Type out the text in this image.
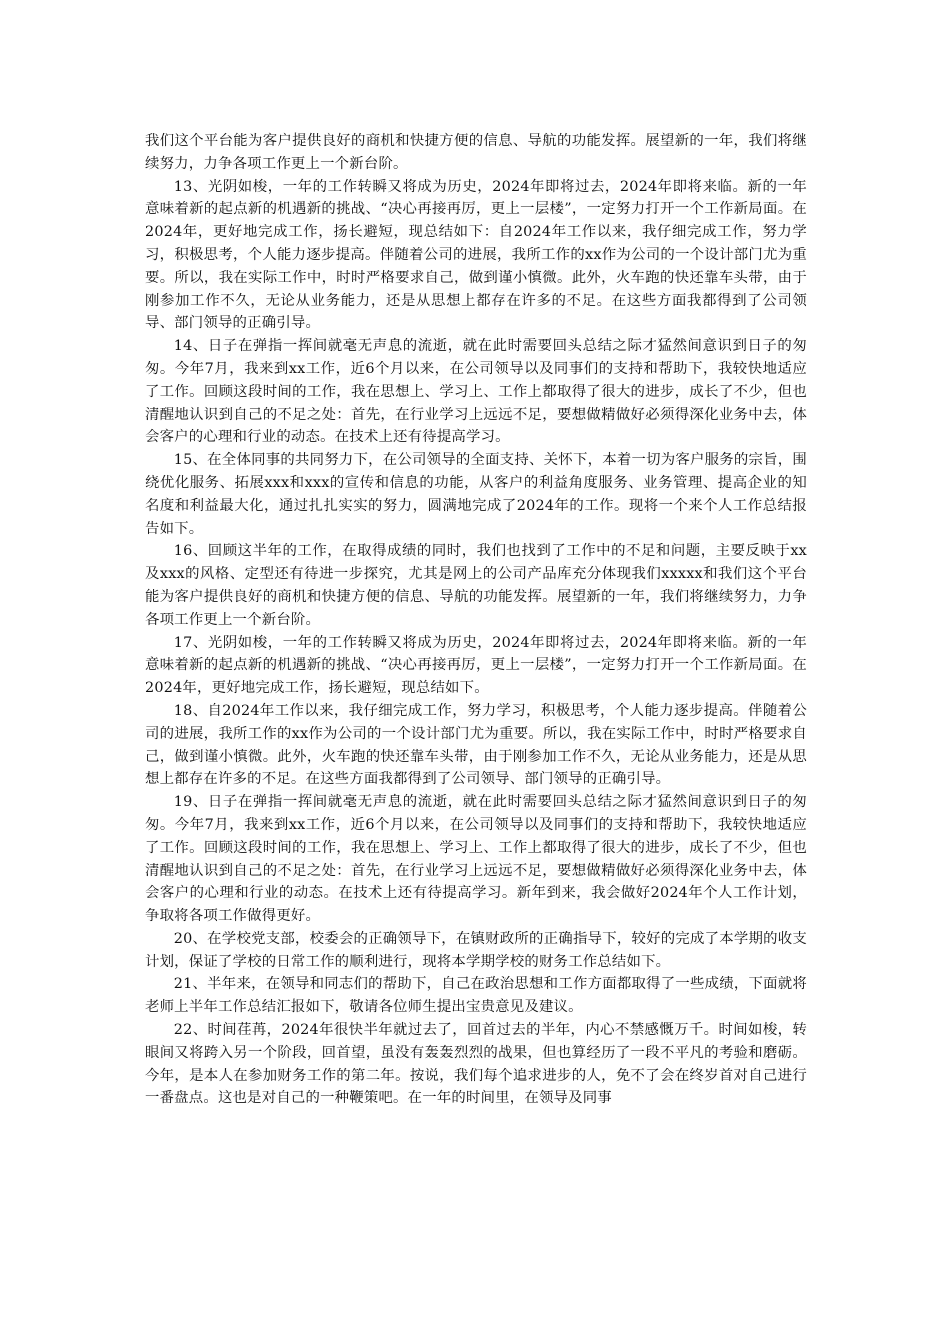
我们这个平台能为客户提供良好的商机和快捷方便的信息、导航的功能发挥。展望新的一年，我们将继续努力，力争各项工作更上一个新台阶。

13、光阴如梭，一年的工作转瞬又将成为历史，2024年即将过去，2024年即将来临。新的一年意味着新的起点新的机遇新的挑战、“决心再接再厉，更上一层楼”，一定努力打开一个工作新局面。在2024年，更好地完成工作，扬长避短，现总结如下：自2024年工作以来，我仔细完成工作，努力学习，积极思考，个人能力逐步提高。伴随着公司的进展，我所工作的xx作为公司的一个设计部门尤为重要。所以，我在实际工作中，时时严格要求自己，做到谨小慎微。此外，火车跑的快还靠车头带，由于刚参加工作不久，无论从业务能力，还是从思想上都存在许多的不足。在这些方面我都得到了公司领导、部门领导的正确引导。

14、日子在弹指一挥间就毫无声息的流逝，就在此时需要回头总结之际才猛然间意识到日子的匆匆。今年7月，我来到xx工作，近6个月以来，在公司领导以及同事们的支持和帮助下，我较快地适应了工作。回顾这段时间的工作，我在思想上、学习上、工作上都取得了很大的进步，成长了不少，但也清醒地认识到自己的不足之处：首先，在行业学习上远远不足，要想做精做好必须得深化业务中去，体会客户的心理和行业的动态。在技术上还有待提高学习。

15、在全体同事的共同努力下，在公司领导的全面支持、关怀下，本着一切为客户服务的宗旨，围绕优化服务、拓展xxx和xxx的宣传和信息的功能，从客户的利益角度服务、业务管理、提高企业的知名度和利益最大化，通过扎扎实实的努力，圆满地完成了2024年的工作。现将一个来个人工作总结报告如下。

16、回顾这半年的工作，在取得成绩的同时，我们也找到了工作中的不足和问题，主要反映于xx及xxx的风格、定型还有待进一步探究，尤其是网上的公司产品库充分体现我们xxxxx和我们这个平台能为客户提供良好的商机和快捷方便的信息、导航的功能发挥。展望新的一年，我们将继续努力，力争各项工作更上一个新台阶。

17、光阴如梭，一年的工作转瞬又将成为历史，2024年即将过去，2024年即将来临。新的一年意味着新的起点新的机遇新的挑战、“决心再接再厉，更上一层楼”，一定努力打开一个工作新局面。在2024年，更好地完成工作，扬长避短，现总结如下。

18、自2024年工作以来，我仔细完成工作，努力学习，积极思考，个人能力逐步提高。伴随着公司的进展，我所工作的xx作为公司的一个设计部门尤为重要。所以，我在实际工作中，时时严格要求自己，做到谨小慎微。此外，火车跑的快还靠车头带，由于刚参加工作不久，无论从业务能力，还是从思想上都存在许多的不足。在这些方面我都得到了公司领导、部门领导的正确引导。

19、日子在弹指一挥间就毫无声息的流逝，就在此时需要回头总结之际才猛然间意识到日子的匆匆。今年7月，我来到xx工作，近6个月以来，在公司领导以及同事们的支持和帮助下，我较快地适应了工作。回顾这段时间的工作，我在思想上、学习上、工作上都取得了很大的进步，成长了不少，但也清醒地认识到自己的不足之处：首先，在行业学习上远远不足，要想做精做好必须得深化业务中去，体会客户的心理和行业的动态。在技术上还有待提高学习。新年到来，我会做好2024年个人工作计划，争取将各项工作做得更好。

20、在学校党支部，校委会的正确领导下，在镇财政所的正确指导下，较好的完成了本学期的收支计划，保证了学校的日常工作的顺利进行，现将本学期学校的财务工作总结如下。

21、半年来，在领导和同志们的帮助下，自己在政治思想和工作方面都取得了一些成绩，下面就将老师上半年工作总结汇报如下，敬请各位师生提出宝贵意见及建议。

22、时间荏苒，2024年很快半年就过去了，回首过去的半年，内心不禁感慨万千。时间如梭，转眼间又将跨入另一个阶段，回首望，虽没有轰轰烈烈的战果，但也算经历了一段不平凡的考验和磨砺。今年，是本人在参加财务工作的第二年。按说，我们每个追求进步的人，免不了会在终岁首对自己进行一番盘点。这也是对自己的一种鞭策吧。在一年的时间里，在领导及同事
